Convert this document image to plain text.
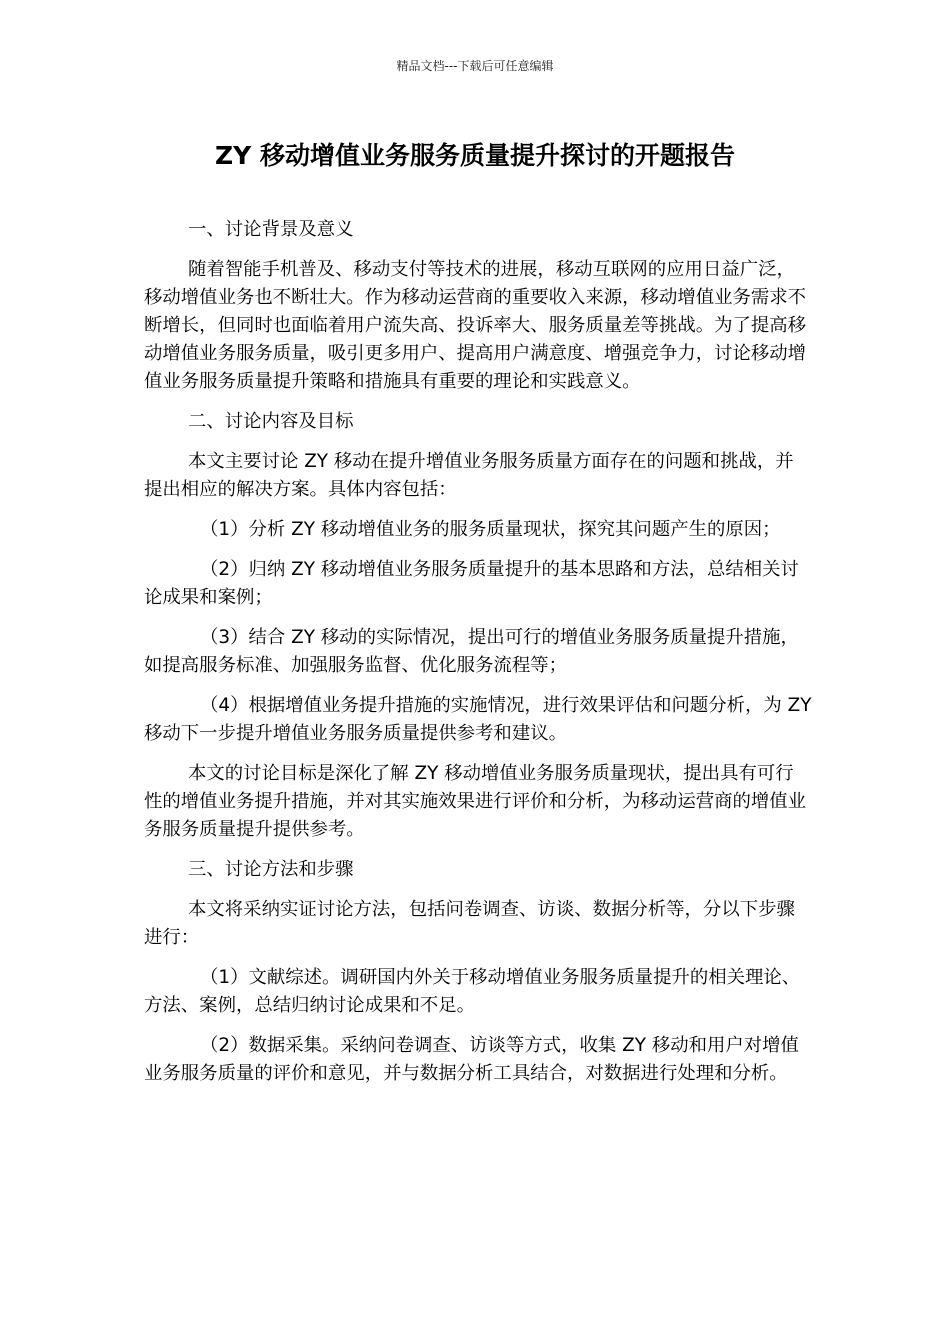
精品文档---下载后可任意编辑
ZY 移动增值业务服务质量提升探讨的开题报告

一、讨论背景及意义

随着智能手机普及、移动支付等技术的进展，移动互联网的应用日益广泛，移动增值业务也不断壮大。作为移动运营商的重要收入来源，移动增值业务需求不断增长，但同时也面临着用户流失高、投诉率大、服务质量差等挑战。为了提高移动增值业务服务质量，吸引更多用户、提高用户满意度、增强竞争力，讨论移动增值业务服务质量提升策略和措施具有重要的理论和实践意义。

二、讨论内容及目标

本文主要讨论 ZY 移动在提升增值业务服务质量方面存在的问题和挑战，并提出相应的解决方案。具体内容包括：

（1）分析 ZY 移动增值业务的服务质量现状，探究其问题产生的原因；

（2）归纳 ZY 移动增值业务服务质量提升的基本思路和方法，总结相关讨论成果和案例；

（3）结合 ZY 移动的实际情况，提出可行的增值业务服务质量提升措施，如提高服务标准、加强服务监督、优化服务流程等；

（4）根据增值业务提升措施的实施情况，进行效果评估和问题分析，为 ZY 移动下一步提升增值业务服务质量提供参考和建议。

本文的讨论目标是深化了解 ZY 移动增值业务服务质量现状，提出具有可行性的增值业务提升措施，并对其实施效果进行评价和分析，为移动运营商的增值业务服务质量提升提供参考。

三、讨论方法和步骤

本文将采纳实证讨论方法，包括问卷调查、访谈、数据分析等，分以下步骤进行：

（1）文献综述。调研国内外关于移动增值业务服务质量提升的相关理论、方法、案例，总结归纳讨论成果和不足。

（2）数据采集。采纳问卷调查、访谈等方式，收集 ZY 移动和用户对增值业务服务质量的评价和意见，并与数据分析工具结合，对数据进行处理和分析。
